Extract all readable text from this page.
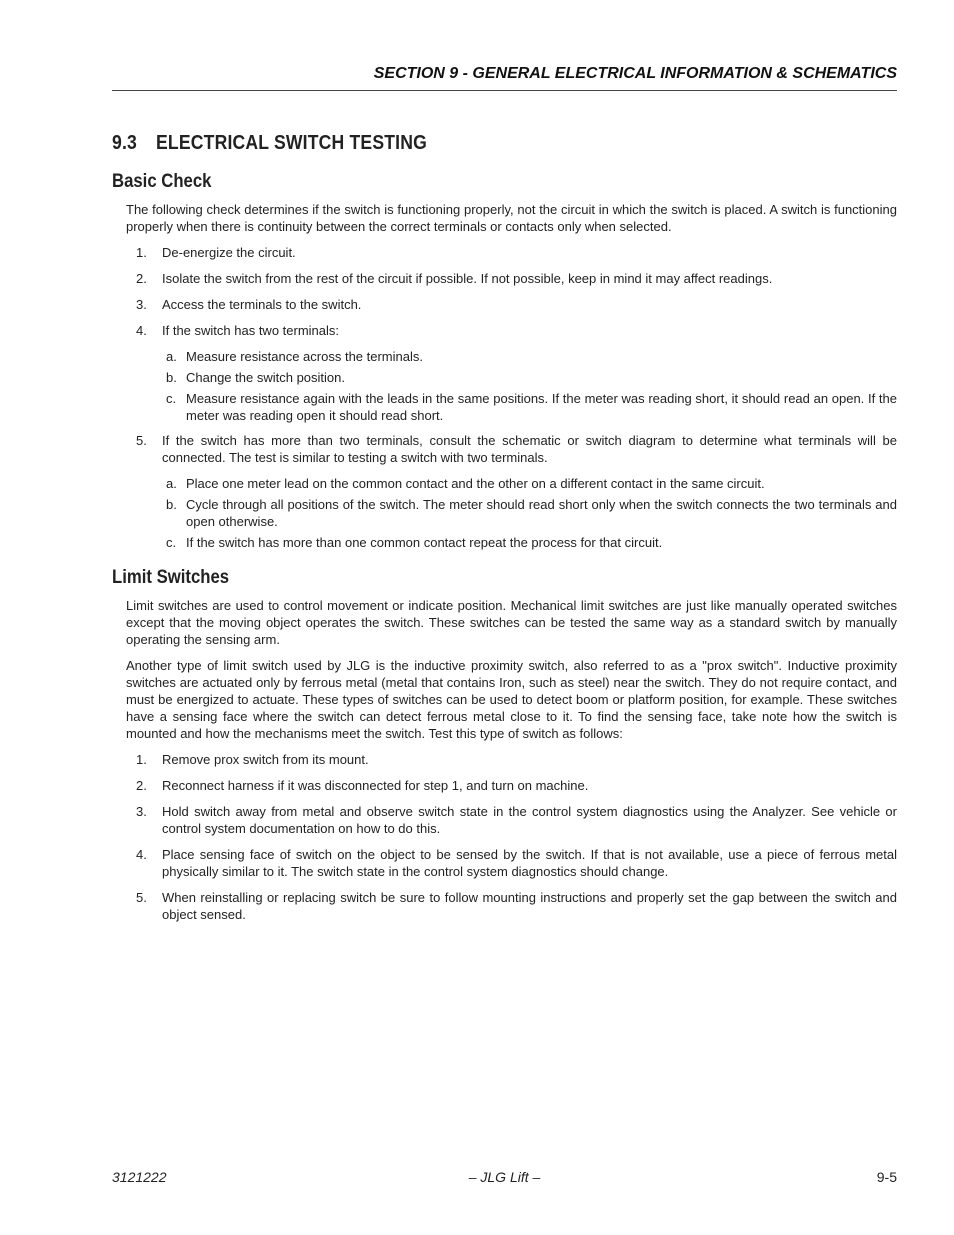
SECTION 9 - GENERAL ELECTRICAL INFORMATION & SCHEMATICS
9.3 ELECTRICAL SWITCH TESTING
Basic Check

The following check determines if the switch is functioning properly, not the circuit in which the switch is placed. A switch is functioning properly when there is continuity between the correct terminals or contacts only when selected.

1. De-energize the circuit.
2. Isolate the switch from the rest of the circuit if possible. If not possible, keep in mind it may affect readings.
3. Access the terminals to the switch.
4. If the switch has two terminals:
a. Measure resistance across the terminals.
b. Change the switch position.
c. Measure resistance again with the leads in the same positions. If the meter was reading short, it should read an open. If the meter was reading open it should read short.
5. If the switch has more than two terminals, consult the schematic or switch diagram to determine what terminals will be connected. The test is similar to testing a switch with two terminals.
a. Place one meter lead on the common contact and the other on a different contact in the same circuit.
b. Cycle through all positions of the switch. The meter should read short only when the switch connects the two terminals and open otherwise.
c. If the switch has more than one common contact repeat the process for that circuit.
Limit Switches

Limit switches are used to control movement or indicate position. Mechanical limit switches are just like manually operated switches except that the moving object operates the switch. These switches can be tested the same way as a standard switch by manually operating the sensing arm.

Another type of limit switch used by JLG is the inductive proximity switch, also referred to as a "prox switch". Inductive proximity switches are actuated only by ferrous metal (metal that contains Iron, such as steel) near the switch. They do not require contact, and must be energized to actuate. These types of switches can be used to detect boom or platform position, for example. These switches have a sensing face where the switch can detect ferrous metal close to it. To find the sensing face, take note how the switch is mounted and how the mechanisms meet the switch. Test this type of switch as follows:

1. Remove prox switch from its mount.
2. Reconnect harness if it was disconnected for step 1, and turn on machine.
3. Hold switch away from metal and observe switch state in the control system diagnostics using the Analyzer. See vehicle or control system documentation on how to do this.
4. Place sensing face of switch on the object to be sensed by the switch. If that is not available, use a piece of ferrous metal physically similar to it. The switch state in the control system diagnostics should change.
5. When reinstalling or replacing switch be sure to follow mounting instructions and properly set the gap between the switch and object sensed.
3121222	– JLG Lift –	9-5
